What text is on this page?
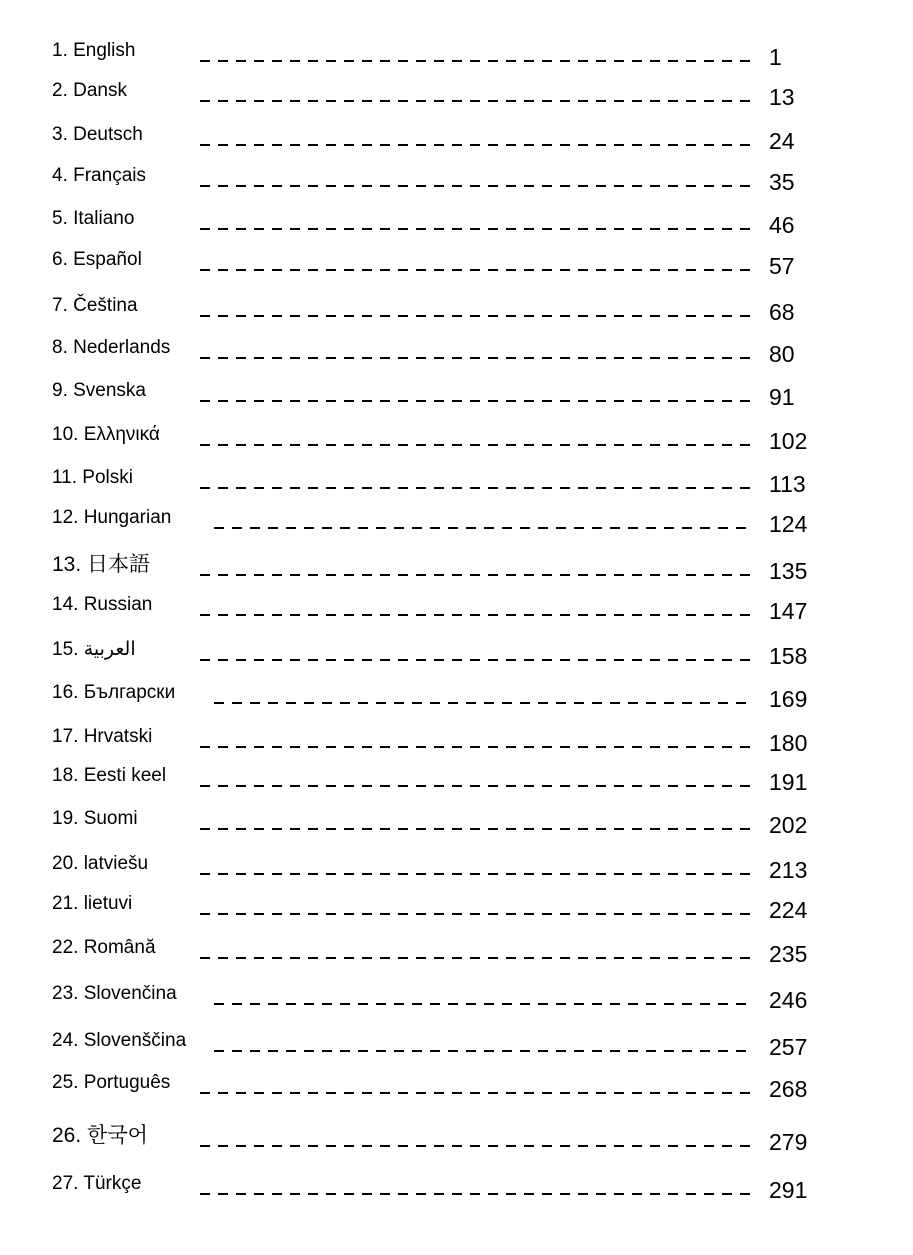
1. English	1
2. Dansk	13
3. Deutsch	24
4. Français	35
5. Italiano	46
6. Español	57
7. Čeština	68
8. Nederlands	80
9. Svenska	91
10. Ελληνικά	102
11. Polski	113
12. Hungarian	124
13. 日本語	135
14. Russian	147
15. العربية	158
16. Български	169
17. Hrvatski	180
18. Eesti keel	191
19. Suomi	202
20. latviešu	213
21. lietuvi	224
22. Română	235
23. Slovenčina	246
24. Slovenščina	257
25. Português	268
26. 한국어	279
27. Türkçe	291
